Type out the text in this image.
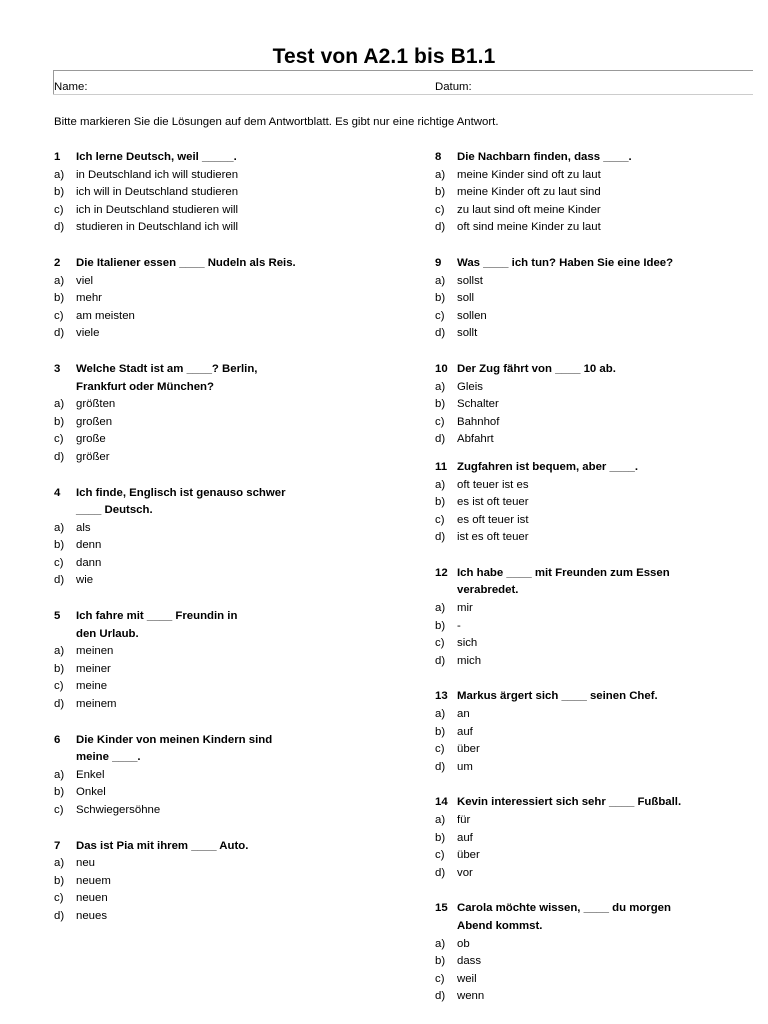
Test von A2.1 bis B1.1
Name:	Datum:
Bitte markieren Sie die Lösungen auf dem Antwortblatt. Es gibt nur eine richtige Antwort.
1	Ich lerne Deutsch, weil _____.
a)	in Deutschland ich will studieren
b)	ich will in Deutschland studieren
c)	ich in Deutschland studieren will
d)	studieren in Deutschland ich will
2	Die Italiener essen ____ Nudeln als Reis.
a)	viel
b)	mehr
c)	am meisten
d)	viele
3	Welche Stadt ist am ____? Berlin,
Frankfurt oder München?
a)	größten
b)	großen
c)	große
d)	größer
4	Ich finde, Englisch ist genauso schwer
____ Deutsch.
a)	als
b)	denn
c)	dann
d)	wie
5	Ich fahre mit ____ Freundin in
den Urlaub.
a)	meinen
b)	meiner
c)	meine
d)	meinem
6	Die Kinder von meinen Kindern sind
meine ____.
a)	Enkel
b)	Onkel
c)	Schwiegersöhne
7	Das ist Pia mit ihrem ____ Auto.
a)	neu
b)	neuem
c)	neuen
d)	neues
8	Die Nachbarn finden, dass ____.
a)	meine Kinder sind oft zu laut
b)	meine Kinder oft zu laut sind
c)	zu laut sind oft meine Kinder
d)	oft sind meine Kinder zu laut
9	Was ____ ich tun? Haben Sie eine Idee?
a)	sollst
b)	soll
c)	sollen
d)	sollt
10 Der Zug fährt von ____ 10 ab.
a)	Gleis
b)	Schalter
c)	Bahnhof
d)	Abfahrt
11 Zugfahren ist bequem, aber ____.
a)	oft teuer ist es
b)	es ist oft teuer
c)	es oft teuer ist
d)	ist es oft teuer
12 Ich habe ____ mit Freunden zum Essen
verabredet.
a)	mir
b)	-
c)	sich
d)	mich
13 Markus ärgert sich ____ seinen Chef.
a)	an
b)	auf
c)	über
d)	um
14 Kevin interessiert sich sehr ____ Fußball.
a)	für
b)	auf
c)	über
d)	vor
15 Carola möchte wissen, ____ du morgen
Abend kommst.
a)	ob
b)	dass
c)	weil
d)	wenn
